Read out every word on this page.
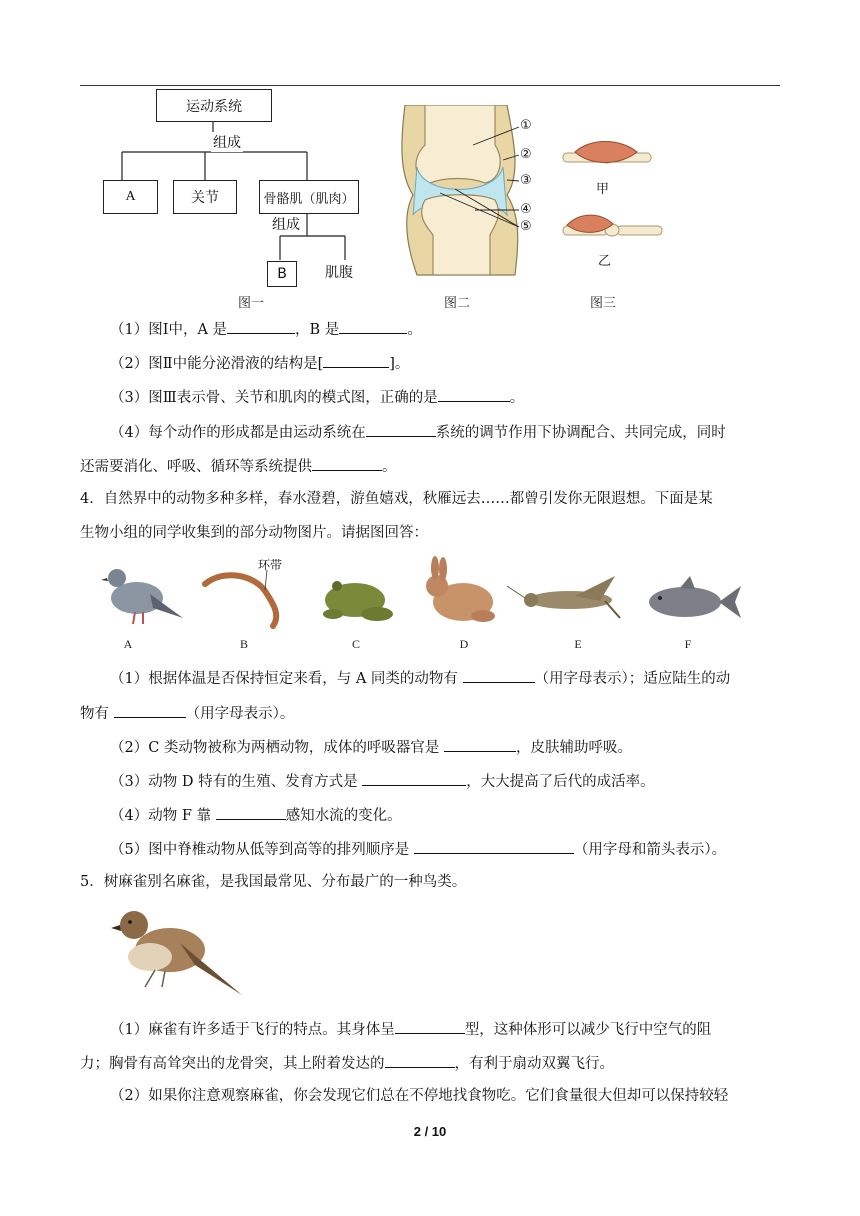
运动系统
组成
A	关节	骨骼肌（肌肉）
组成
B	肌腹
图一
①
②
③
④
⑤
图二
甲
乙
图三
（1）图Ⅰ中，A 是	，B 是	。
（2）图Ⅱ中能分泌滑液的结构是[	]。
（3）图Ⅲ表示骨、关节和肌肉的模式图，正确的是	。
（4）每个动作的形成都是由运动系统在	系统的调节作用下协调配合、共同完成，同时
还需要消化、呼吸、循环等系统提供	。
4．自然界中的动物多种多样，春水澄碧，游鱼嬉戏，秋雁远去……都曾引发你无限遐想。下面是某
生物小组的同学收集到的部分动物图片。请据图回答：
环带
A	B	C	D	E	F
（1）根据体温是否保持恒定来看，与 A 同类的动物有	（用字母表示）；适应陆生的动
物有	（用字母表示）。
（2）C 类动物被称为两栖动物，成体的呼吸器官是	，皮肤辅助呼吸。
（3）动物 D 特有的生殖、发育方式是	，大大提高了后代的成活率。
（4）动物 F 靠	感知水流的变化。
（5）图中脊椎动物从低等到高等的排列顺序是	（用字母和箭头表示）。
5．树麻雀别名麻雀，是我国最常见、分布最广的一种鸟类。
（1）麻雀有许多适于飞行的特点。其身体呈	型，这种体形可以减少飞行中空气的阻
力；胸骨有高耸突出的龙骨突，其上附着发达的	，有利于扇动双翼飞行。
（2）如果你注意观察麻雀，你会发现它们总在不停地找食物吃。它们食量很大但却可以保持较轻
2 / 10
